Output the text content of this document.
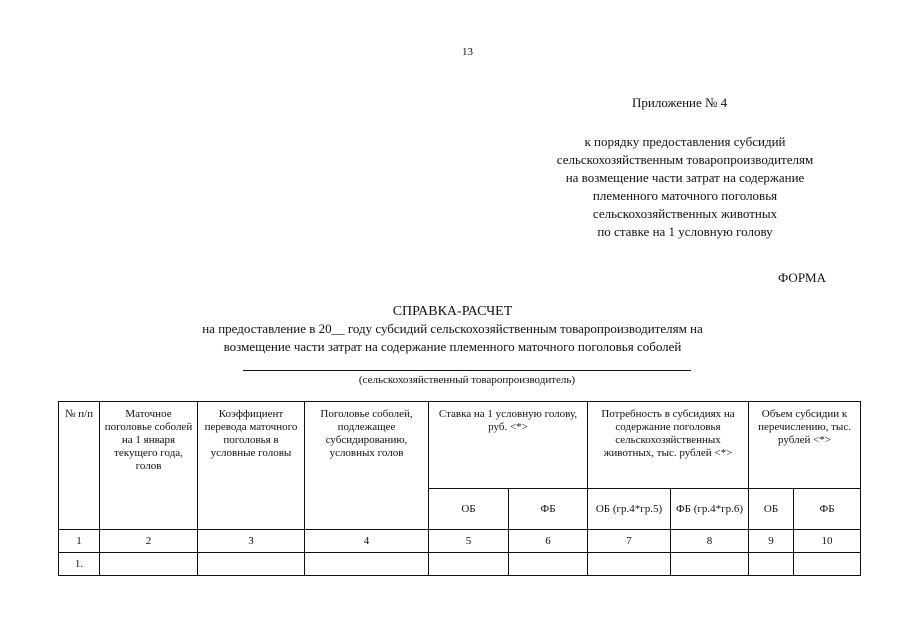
13
Приложение № 4
к порядку предоставления субсидий
сельскохозяйственным товаропроизводителям
на возмещение части затрат на содержание
племенного маточного поголовья
сельскохозяйственных животных
по ставке на 1 условную голову
ФОРМА
СПРАВКА-РАСЧЕТ
на предоставление в 20__ году субсидий сельскохозяйственным товаропроизводителям на
возмещение части затрат на содержание племенного маточного поголовья соболей
(сельскохозяйственный товаропроизводитель)
№ п/п	Маточное поголовье соболей на 1 января текущего года, голов	Коэффициент перевода маточного поголовья в условные головы	Поголовье соболей, подлежащее субсидированию, условных голов	Ставка на 1 условную голову, руб. <*>		Потребность в субсидиях на содержание поголовья сельскохозяйственных животных, тыс. рублей <*>		Объем субсидии к перечислению, тыс. рублей <*>	
				ОБ	ФБ	ОБ (гр.4*гр.5)	ФБ (гр.4*гр.6)	ОБ	ФБ
1	2	3	4	5	6	7	8	9	10
1.									
